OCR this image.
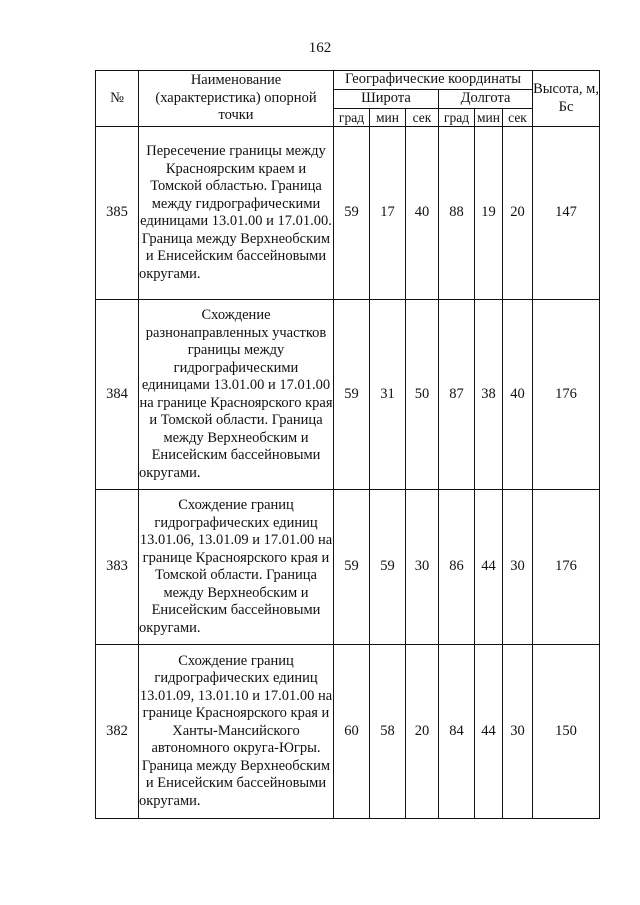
162
№	Наименование (характеристика) опорной точки	Географические координаты						Высота, м, Бс
		Широта			Долгота			
		град	мин	сек	град	мин	сек	
385	Пересечение границы между Красноярским краем и Томской областью. Граница между гидрографическими единицами 13.01.00 и 17.01.00. Граница между Верхнеобским и Енисейским бассейновыми округами.	59	17	40	88	19	20	147
384	Схождение разнонаправленных участков границы между гидрографическими единицами 13.01.00 и 17.01.00 на границе Красноярского края и Томской области. Граница между Верхнеобским и Енисейским бассейновыми округами.	59	31	50	87	38	40	176
383	Схождение границ гидрографических единиц 13.01.06, 13.01.09 и 17.01.00 на границе Красноярского края и Томской области. Граница между Верхнеобским и Енисейским бассейновыми округами.	59	59	30	86	44	30	176
382	Схождение границ гидрографических единиц 13.01.09, 13.01.10 и 17.01.00 на границе Красноярского края и Ханты-Мансийского автономного округа-Югры. Граница между Верхнеобским и Енисейским бассейновыми округами.	60	58	20	84	44	30	150
